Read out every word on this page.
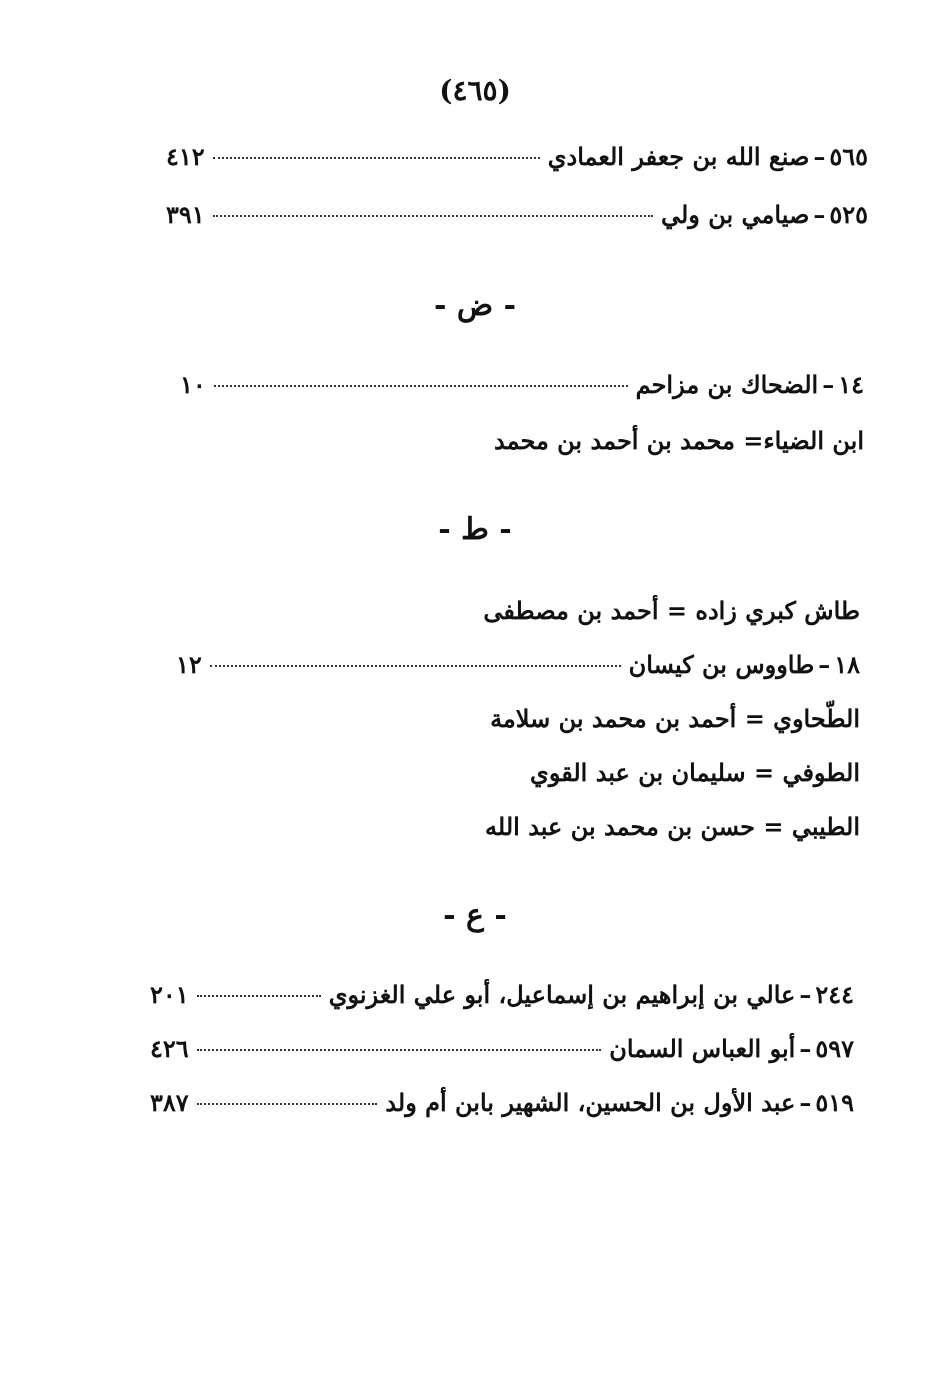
(٤٦٥)
٥٦٥
–
صنع الله بن جعفر العمادي
٤١٢
٥٢٥
–
صيامي بن ولي
٣٩١
- ض -
١٤
–
الضحاك بن مزاحم
١٠
ابن الضياء= محمد بن أحمد بن محمد
- ط -
طاش كبري زاده = أحمد بن مصطفى
١٨
–
طاووس بن كيسان
١٢
الطّحاوي = أحمد بن محمد بن سلامة
الطوفي = سليمان بن عبد القوي
الطيبي = حسن بن محمد بن عبد الله
- ع -
٢٤٤
–
عالي بن إبراهيم بن إسماعيل، أبو علي الغزنوي
٢٠١
٥٩٧
–
أبو العباس السمان
٤٢٦
٥١٩
–
عبد الأول بن الحسين، الشهير بابن أم ولد
٣٨٧
